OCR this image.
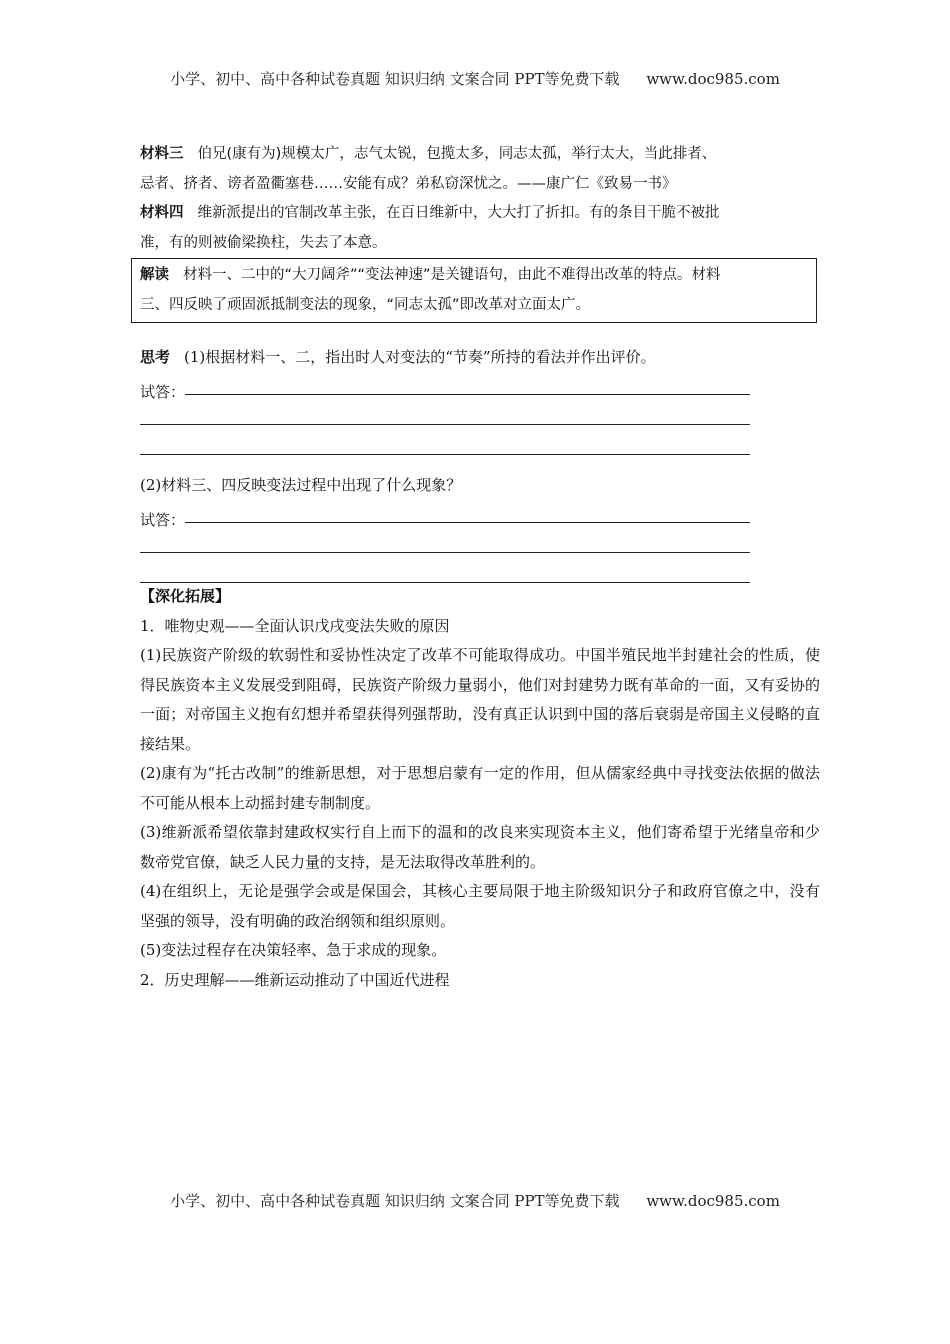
小学、初中、高中各种试卷真题 知识归纳 文案合同 PPT等免费下载 www.doc985.com

材料三 伯兄(康有为)规模太广，志气太锐，包揽太多，同志太孤，举行太大，当此排者、

忌者、挤者、谤者盈衢塞巷……安能有成？弟私窃深忧之。——康广仁《致易一书》

材料四 维新派提出的官制改革主张，在百日维新中，大大打了折扣。有的条目干脆不被批

准，有的则被偷梁换柱，失去了本意。

解读 材料一、二中的“大刀阔斧”“变法神速”是关键语句，由此不难得出改革的特点。材料

三、四反映了顽固派抵制变法的现象，“同志太孤”即改革对立面太广。

思考 (1)根据材料一、二，指出时人对变法的“节奏”所持的看法并作出评价。
试答：
(2)材料三、四反映变法过程中出现了什么现象？
试答：
【深化拓展】

1．唯物史观——全面认识戊戌变法失败的原因

(1)民族资产阶级的软弱性和妥协性决定了改革不可能取得成功。中国半殖民地半封建社会的性质，使得民族资本主义发展受到阻碍，民族资产阶级力量弱小，他们对封建势力既有革命的一面，又有妥协的一面；对帝国主义抱有幻想并希望获得列强帮助，没有真正认识到中国的落后衰弱是帝国主义侵略的直接结果。

(2)康有为“托古改制”的维新思想，对于思想启蒙有一定的作用，但从儒家经典中寻找变法依据的做法不可能从根本上动摇封建专制制度。

(3)维新派希望依靠封建政权实行自上而下的温和的改良来实现资本主义，他们寄希望于光绪皇帝和少数帝党官僚，缺乏人民力量的支持，是无法取得改革胜利的。

(4)在组织上，无论是强学会或是保国会，其核心主要局限于地主阶级知识分子和政府官僚之中，没有坚强的领导，没有明确的政治纲领和组织原则。

(5)变法过程存在决策轻率、急于求成的现象。

2．历史理解——维新运动推动了中国近代进程

小学、初中、高中各种试卷真题 知识归纳 文案合同 PPT等免费下载 www.doc985.com
